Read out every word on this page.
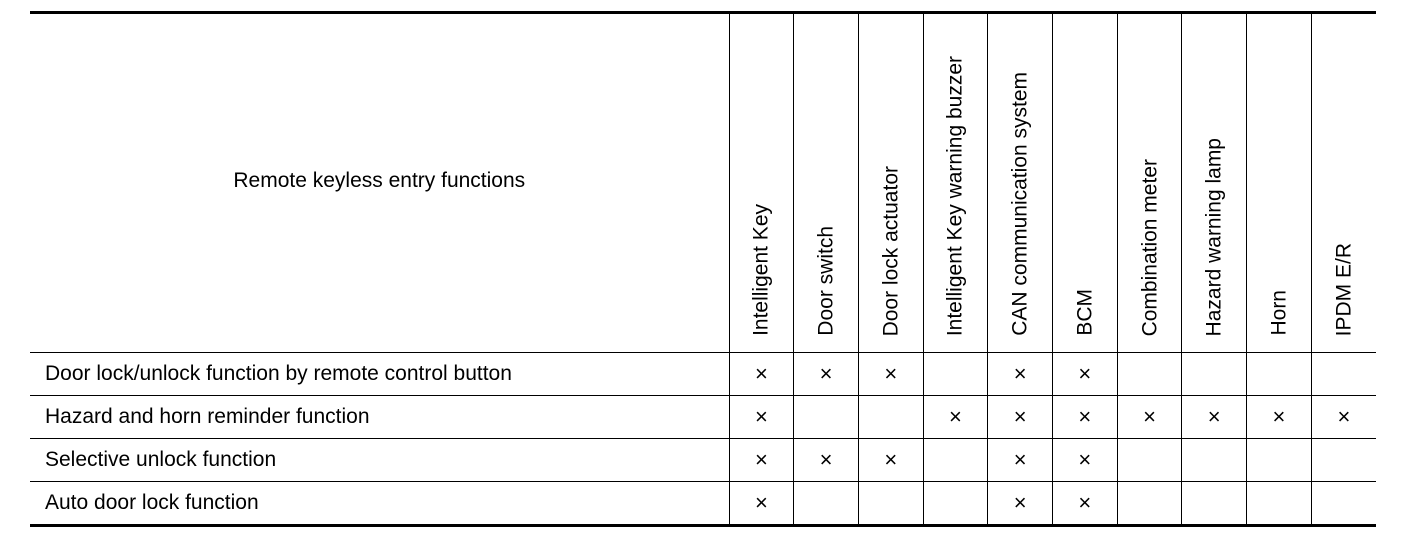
Remote keyless entry functions	Intelligent Key	Door switch	Door lock actuator	Intelligent Key warning buzzer	CAN communication system	BCM	Combination meter	Hazard warning lamp	Horn	IPDM E/R

Door lock/unlock function by remote control button	×	×	×		×	×				
Hazard and horn reminder function	×			×	×	×	×	×	×	×
Selective unlock function	×	×	×		×	×				
Auto door lock function	×				×	×				
